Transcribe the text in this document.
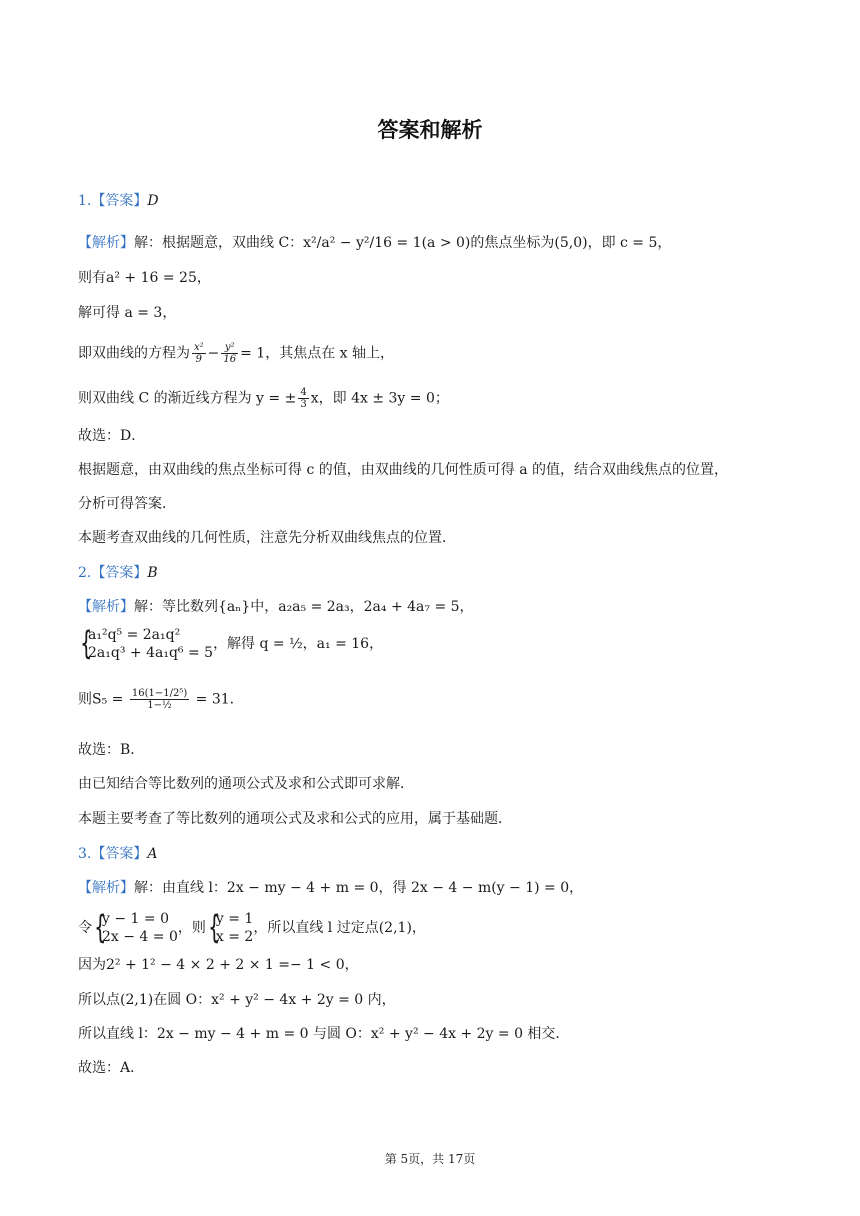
答案和解析
1.【答案】D
【解析】解：根据题意，双曲线 C：x²/a² − y²/16 = 1(a > 0)的焦点坐标为(5,0)，即 c = 5，
则有a² + 16 = 25，
解可得 a = 3，
即双曲线的方程为 $\frac{\text{x²}}{9} - \frac{\text{y²}}{16} = 1$，其焦点在 x 轴上，
则双曲线 C 的渐近线方程为 y = ± $\frac{4}{3}$ x，即 4x ± 3y = 0；
故选：D．
根据题意，由双曲线的焦点坐标可得 c 的值，由双曲线的几何性质可得 a 的值，结合双曲线焦点的位置，
分析可得答案．
本题考查双曲线的几何性质，注意先分析双曲线焦点的位置．
2.【答案】B
【解析】解：等比数列{aₙ}中，a₂a₅ = 2a₃，2a₄ + 4a₇ = 5，
{
a₁²q⁵ = 2a₁q²
2a₁q³ + 4a₁q⁶ = 5
，解得 q = ½，a₁ = 16，
则$S_5 = \frac{\text{16(1−1/2⁵)}}{\text{1−½}} = 31$.
故选：B．
由已知结合等比数列的通项公式及求和公式即可求解．
本题主要考查了等比数列的通项公式及求和公式的应用，属于基础题．
3.【答案】A
【解析】解：由直线 l：2x − my − 4 + m = 0，得 2x − 4 − m(y − 1) = 0，
令 {
y − 1 = 0
2x − 4 = 0
，则 {
y = 1
x = 2
，所以直线 l 过定点(2,1)，
因为2² + 1² − 4 × 2 + 2 × 1 =− 1 < 0，
所以点(2,1)在圆 O：x² + y² − 4x + 2y = 0 内，
所以直线 l：2x − my − 4 + m = 0 与圆 O：x² + y² − 4x + 2y = 0 相交．
故选：A．
第 5页，共 17页
